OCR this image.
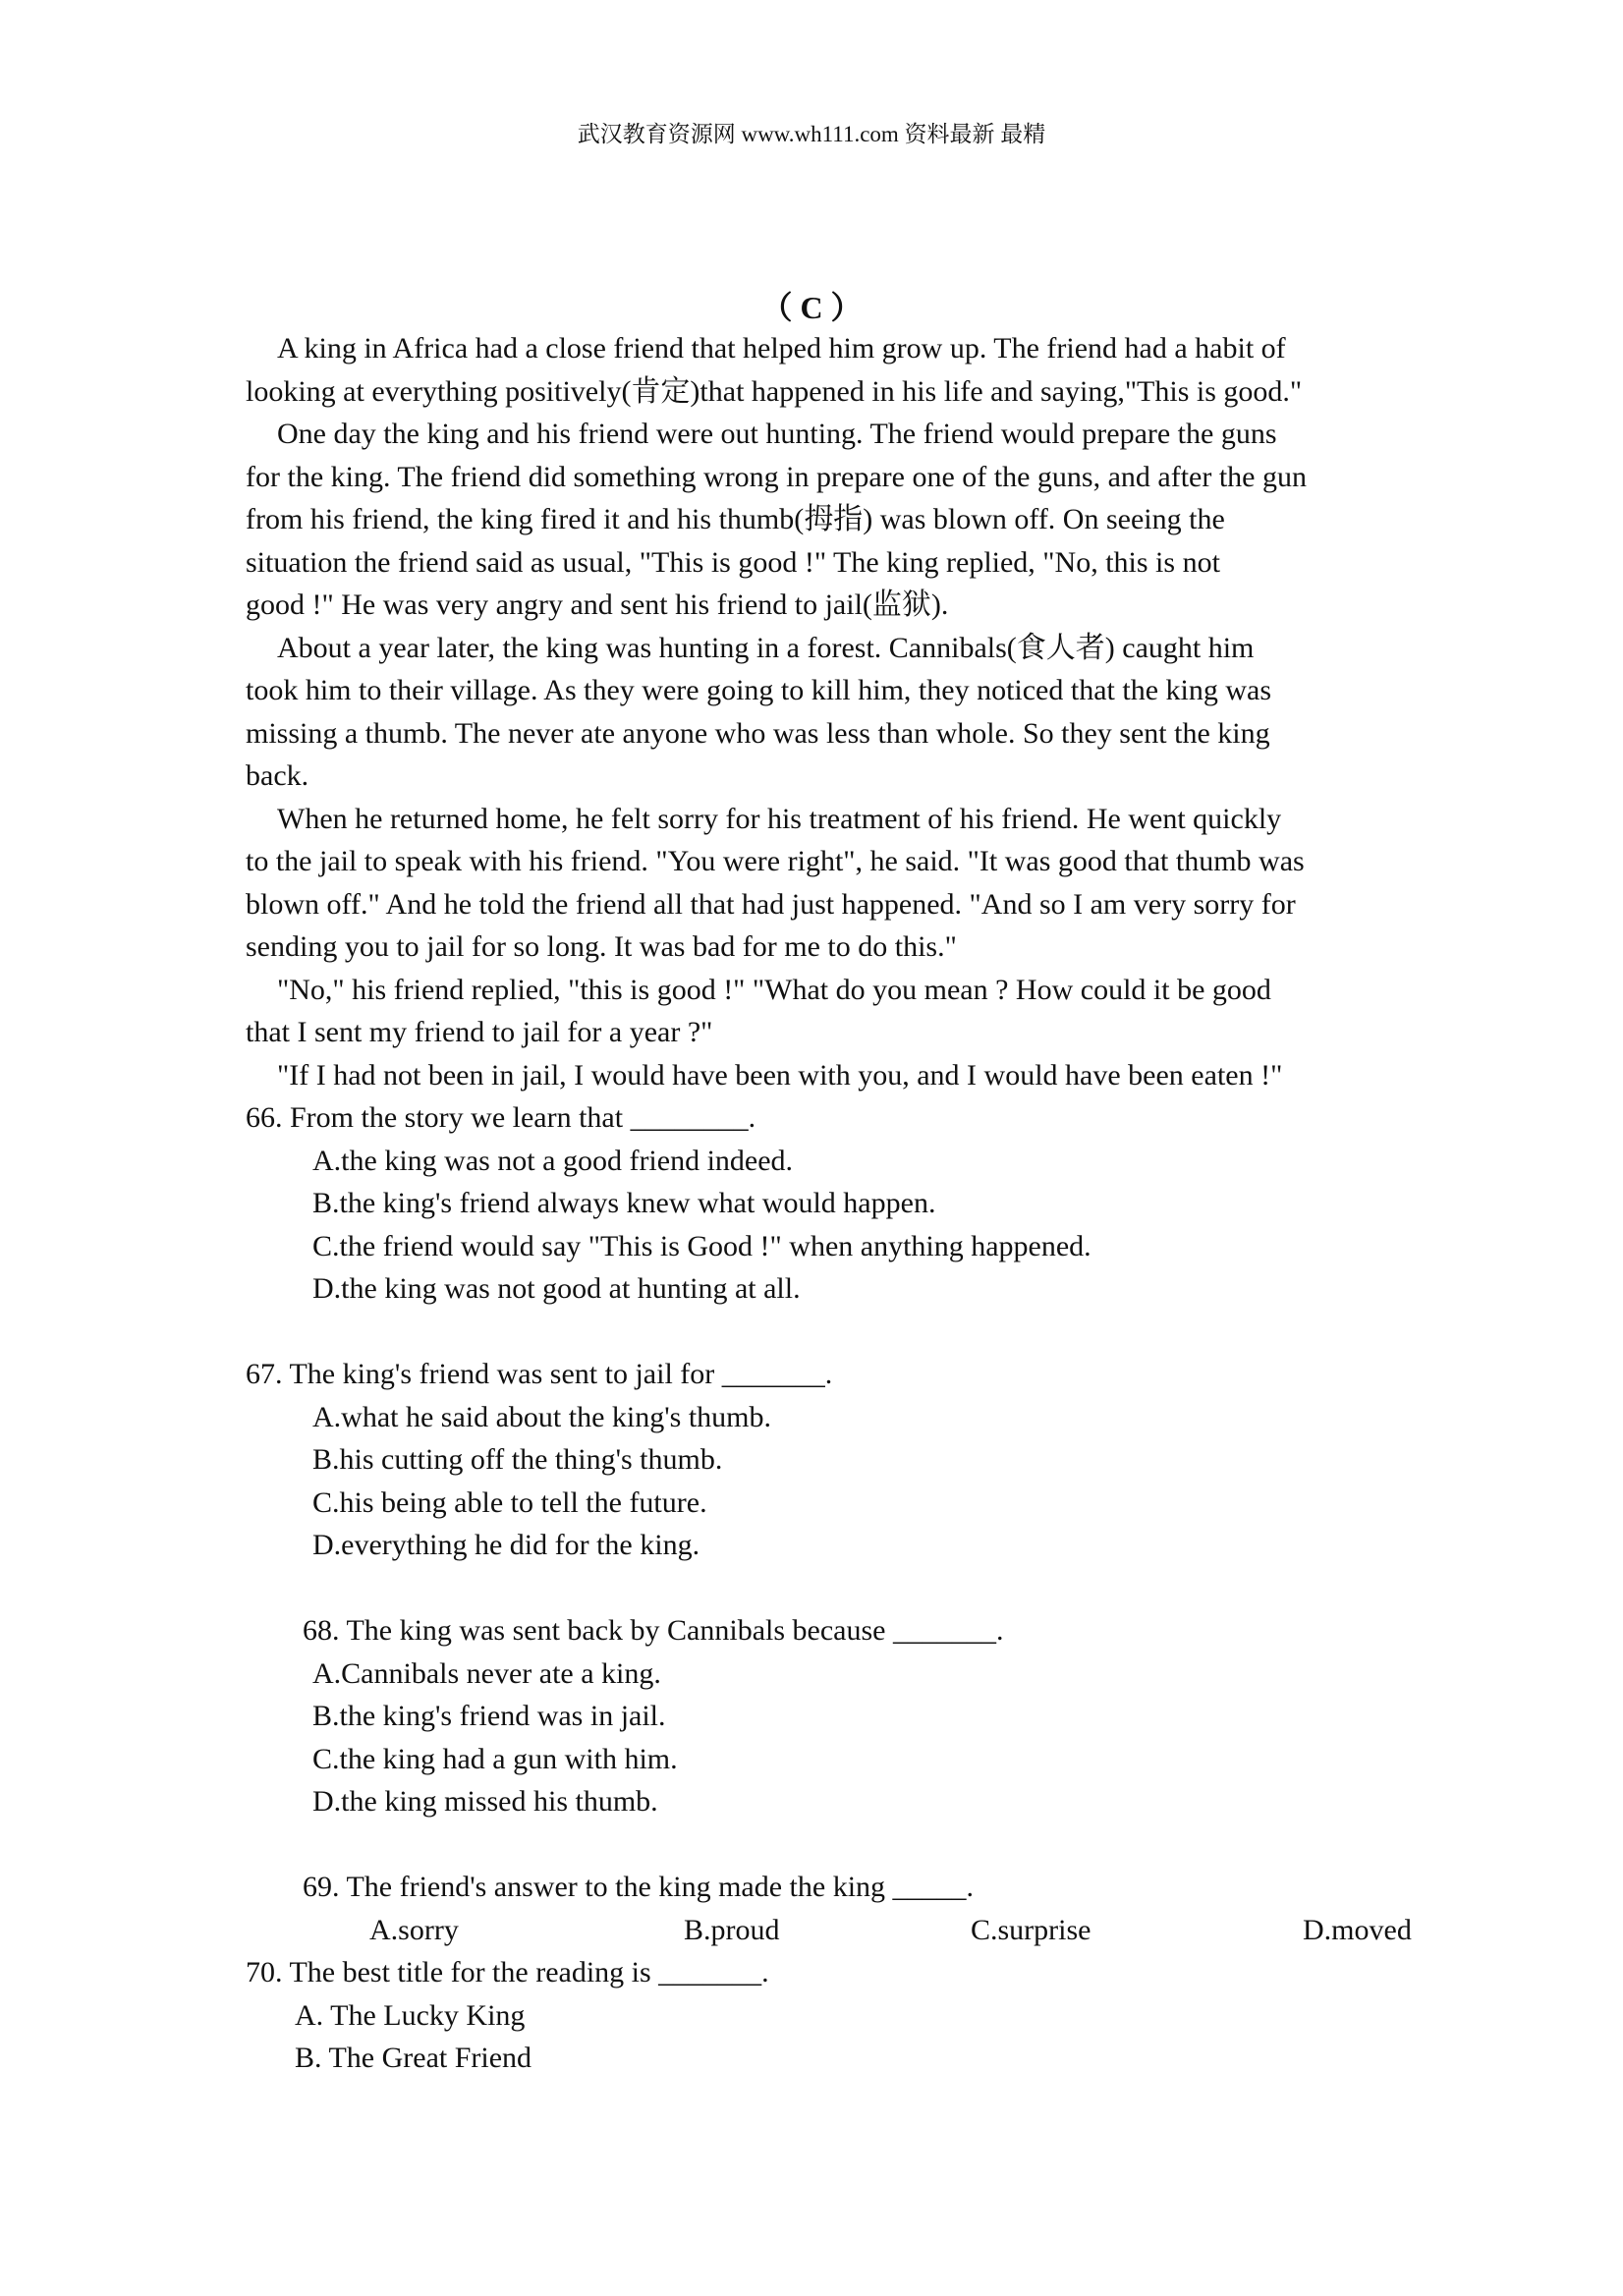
武汉教育资源网 www.wh111.com 资料最新 最精
（ C ）
A king in Africa had a close friend that helped him grow up. The friend had a habit of
looking at everything positively(肯定)that happened in his life and saying,"This is good."
One day the king and his friend were out hunting. The friend would prepare the guns
for the king. The friend did something wrong in prepare one of the guns, and after the gun
from his friend, the king fired it and his thumb(拇指) was blown off. On seeing the
situation the friend said as usual, "This is good !" The king replied, "No, this is not
good !" He was very angry and sent his friend to jail(监狱).
About a year later, the king was hunting in a forest. Cannibals(食人者) caught him
took him to their village. As they were going to kill him, they noticed that the king was
missing a thumb. The never ate anyone who was less than whole. So they sent the king
back.
When he returned home, he felt sorry for his treatment of his friend. He went quickly
to the jail to speak with his friend. "You were right", he said. "It was good that thumb was
blown off." And he told the friend all that had just happened. "And so I am very sorry for
sending you to jail for so long. It was bad for me to do this."
"No," his friend replied, "this is good !" "What do you mean ? How could it be good
that I sent my friend to jail for a year ?"
"If I had not been in jail, I would have been with you, and I would have been eaten !"
66. From the story we learn that ________.
A.the king was not a good friend indeed.
B.the king's friend always knew what would happen.
C.the friend would say "This is Good !" when anything happened.
D.the king was not good at hunting at all.
67. The king's friend was sent to jail for _______.
A.what he said about the king's thumb.
B.his cutting off the thing's thumb.
C.his being able to tell the future.
D.everything he did for the king.
68. The king was sent back by Cannibals because _______.
A.Cannibals never ate a king.
B.the king's friend was in jail.
C.the king had a gun with him.
D.the king missed his thumb.
69. The friend's answer to the king made the king _____.
A.sorry	B.proud	C.surprise	D.moved
70. The best title for the reading is _______.
A. The Lucky King
B. The Great Friend
